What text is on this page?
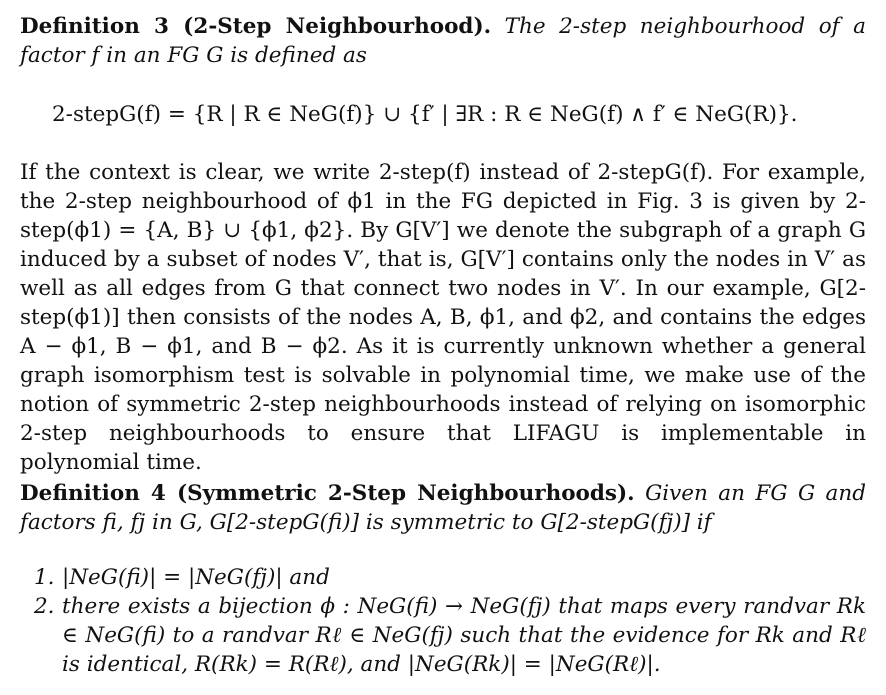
Definition 3 (2-Step Neighbourhood). The 2-step neighbourhood of a factor f in an FG G is defined as

2-stepG(f) = {R | R ∈ NeG(f)} ∪ {f′ | ∃R : R ∈ NeG(f) ∧ f′ ∈ NeG(R)}.

If the context is clear, we write 2-step(f) instead of 2-stepG(f). For example, the 2-step neighbourhood of ϕ1 in the FG depicted in Fig. 3 is given by 2-step(ϕ1) = {A, B} ∪ {ϕ1, ϕ2}. By G[V′] we denote the subgraph of a graph G induced by a subset of nodes V′, that is, G[V′] contains only the nodes in V′ as well as all edges from G that connect two nodes in V′. In our example, G[2-step(ϕ1)] then consists of the nodes A, B, ϕ1, and ϕ2, and contains the edges A − ϕ1, B − ϕ1, and B − ϕ2. As it is currently unknown whether a general graph isomorphism test is solvable in polynomial time, we make use of the notion of symmetric 2-step neighbourhoods instead of relying on isomorphic 2-step neighbourhoods to ensure that LIFAGU is implementable in polynomial time.

Definition 4 (Symmetric 2-Step Neighbourhoods). Given an FG G and factors fi, fj in G, G[2-stepG(fi)] is symmetric to G[2-stepG(fj)] if

1. |NeG(fi)| = |NeG(fj)| and
2. there exists a bijection ϕ : NeG(fi) → NeG(fj) that maps every randvar Rk ∈ NeG(fi) to a randvar Rℓ ∈ NeG(fj) such that the evidence for Rk and Rℓ is identical, R(Rk) = R(Rℓ), and |NeG(Rk)| = |NeG(Rℓ)|.
